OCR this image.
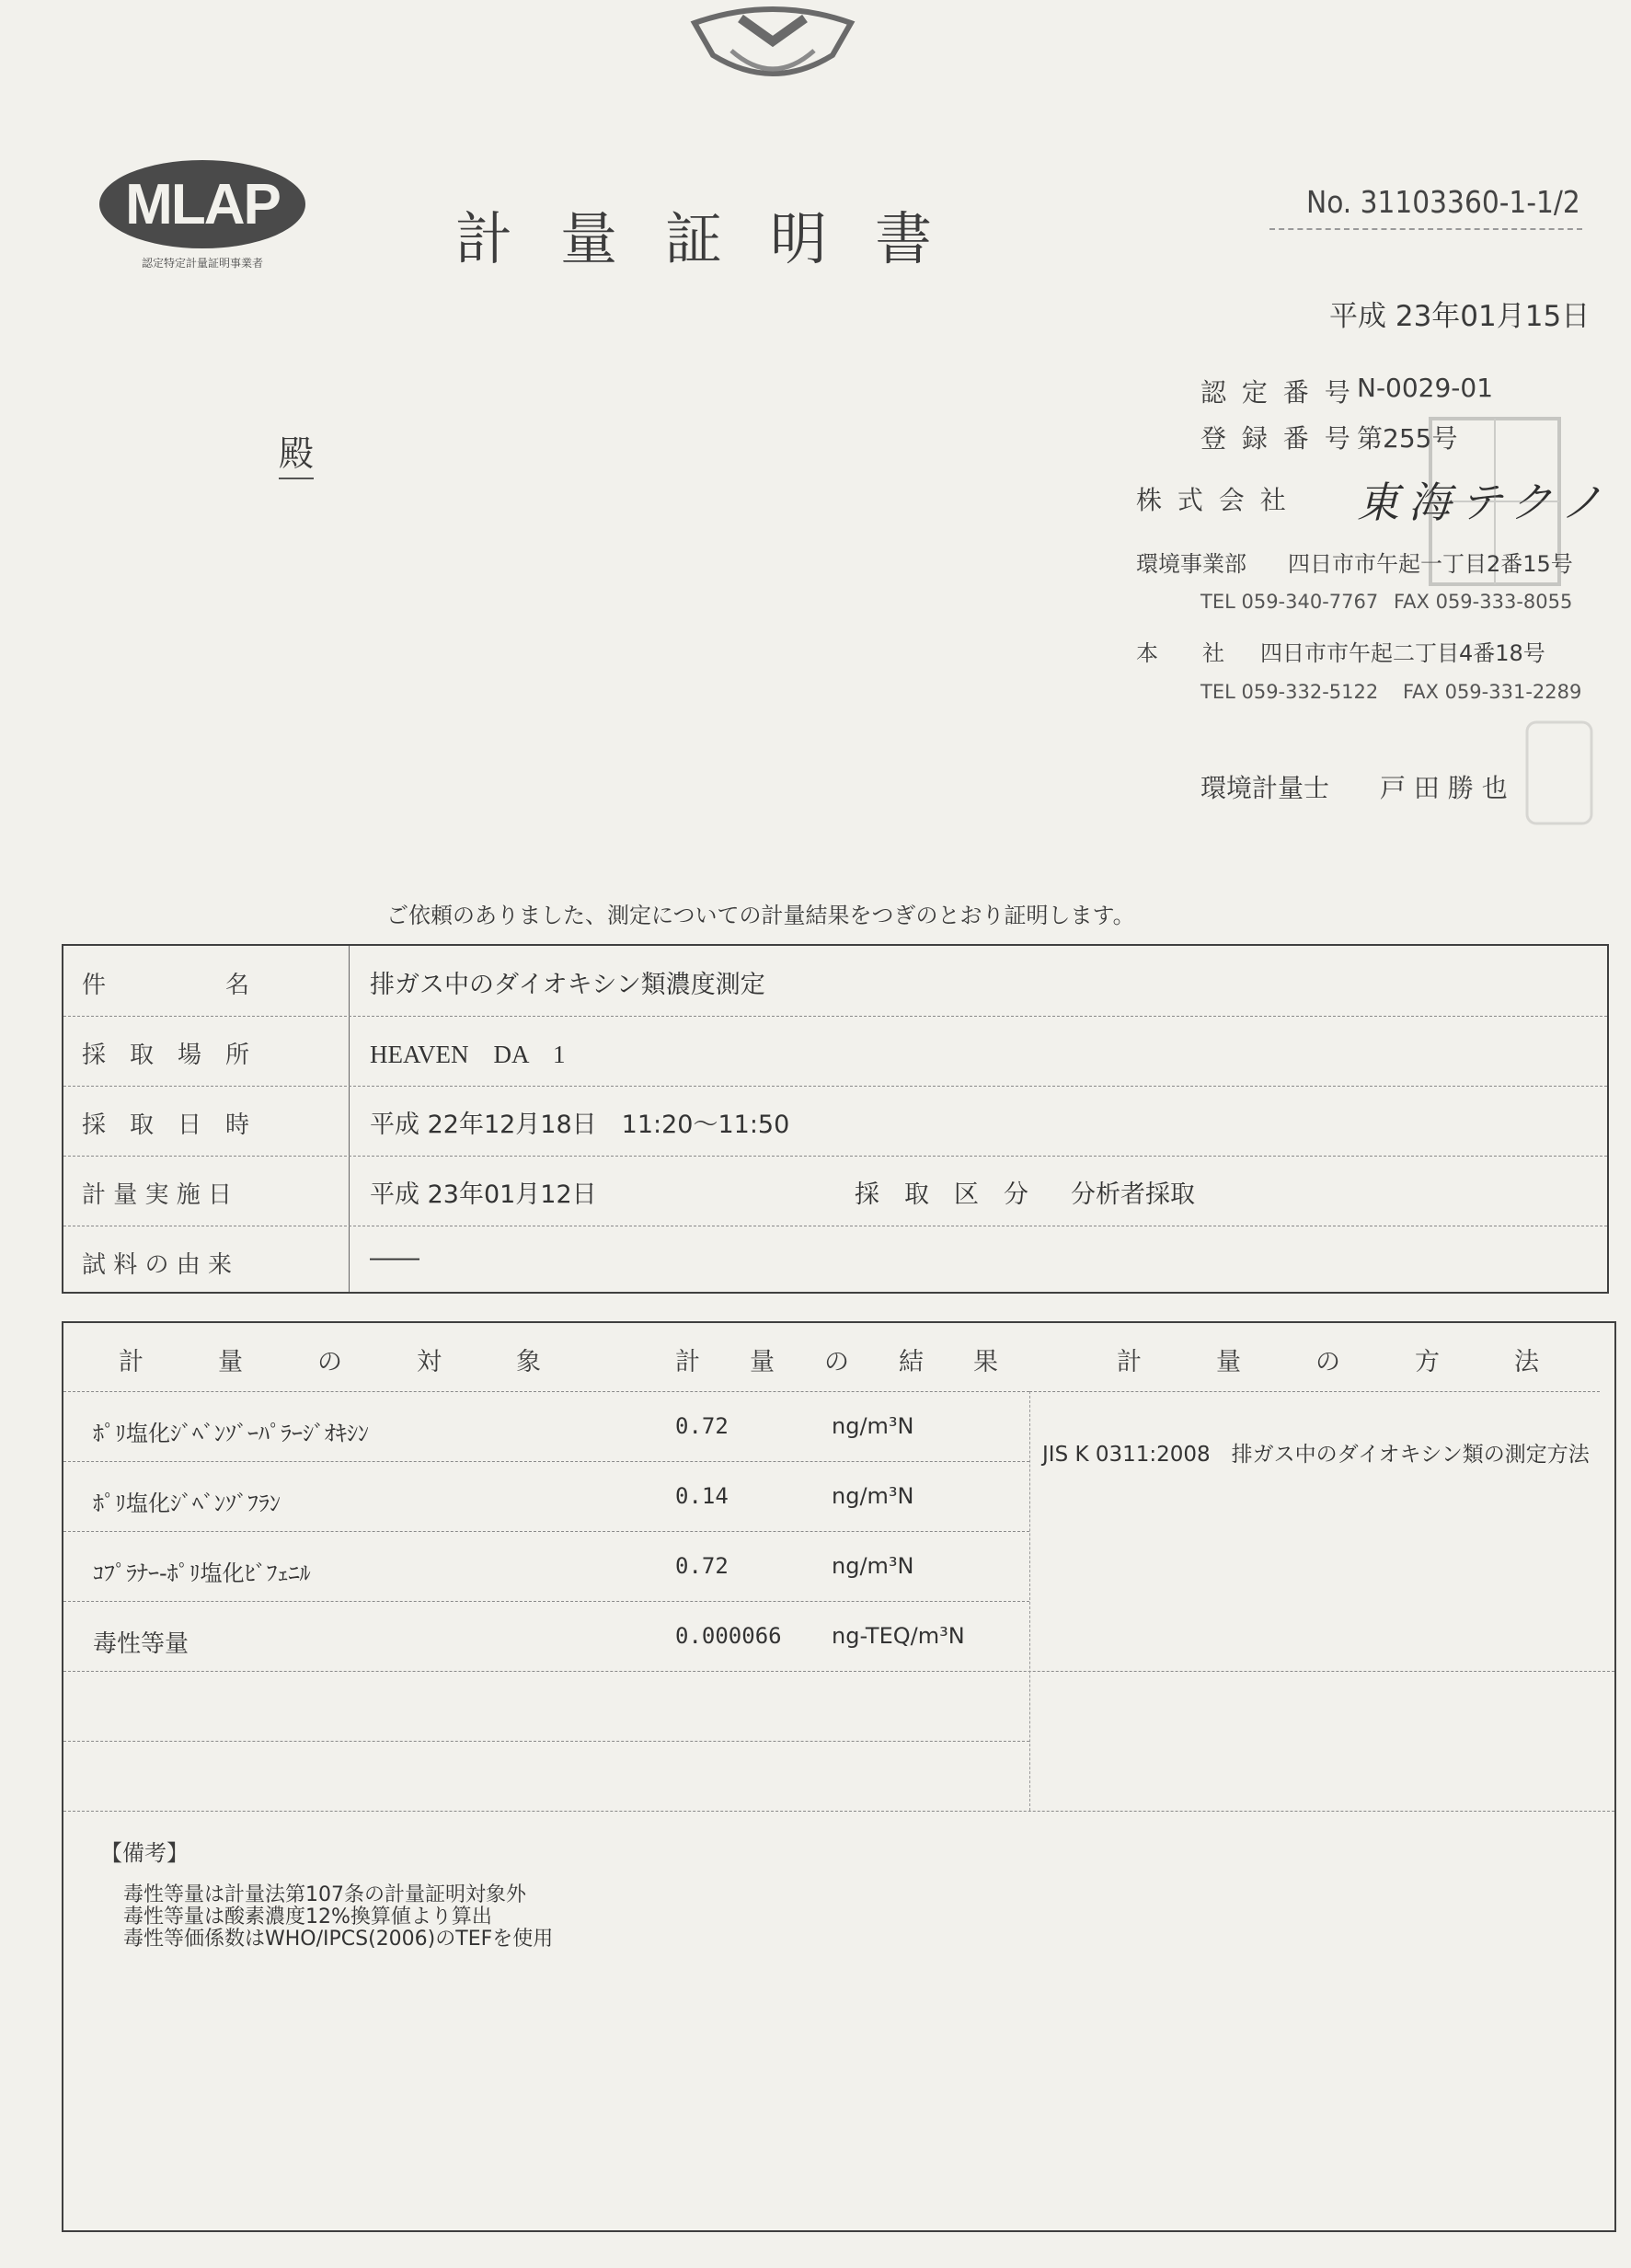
MLAP
認定特定計量証明事業者	計量証明書
No. 31103360-1-1/2
平成 23年01月15日
殿
認 定 番 号 N-0029-01
登 録 番 号 第255号
株 式 会 社 東海テクノ
環境事業部 四日市市午起一丁目2番15号
TEL 059-340-7767 FAX 059-333-8055
本　　社 四日市市午起二丁目4番18号
TEL 059-332-5122 FAX 059-331-2289
環境計量士 戸 田 勝 也
ご依頼のありました、測定についての計量結果をつぎのとおり証明します。
件　　　　　名	排ガス中のダイオキシン類濃度測定
採　取　場　所	HEAVEN　DA　1
採　取　日　時	平成 22年12月18日　11:20～11:50
計 量 実 施 日	平成 23年01月12日	採　取　区　分 分析者採取
試 料 の 由 来	――
計　　　量　　　の　　　対　　　象	計　　量　　の　　結　　果	計　　　量　　　の　　　方　　　法
ﾎﾟﾘ塩化ｼﾞﾍﾞﾝｿﾞｰﾊﾟﾗｰｼﾞｵｷｼﾝ	0.72	ng/m³N
ﾎﾟﾘ塩化ｼﾞﾍﾞﾝｿﾞﾌﾗﾝ	0.14	ng/m³N
ｺﾌﾟﾗﾅｰ-ﾎﾟﾘ塩化ﾋﾞﾌｪﾆﾙ	0.72	ng/m³N
毒性等量	0.000066 ng-TEQ/m³N
JIS K 0311:2008　排ガス中のダイオキシン類の測定方法
【備考】
毒性等量は計量法第107条の計量証明対象外
毒性等量は酸素濃度12%換算値より算出
毒性等価係数はWHO/IPCS(2006)のTEFを使用
